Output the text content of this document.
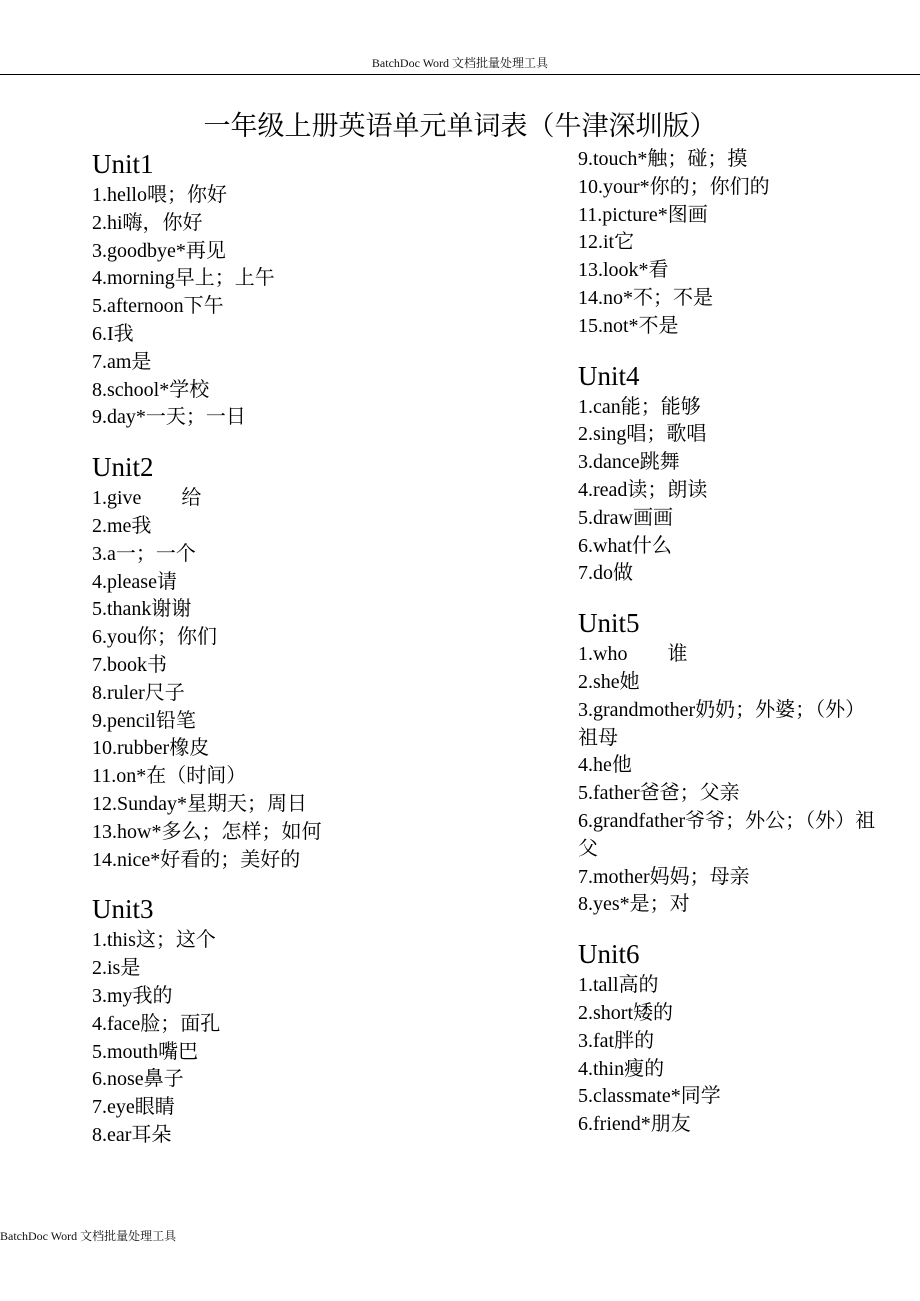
BatchDoc Word 文档批量处理工具
一年级上册英语单元单词表（牛津深圳版）
Unit1
1.hello喂；你好
2.hi嗨，你好
3.goodbye*再见
4.morning早上；上午
5.afternoon下午
6.I我
7.am是
8.school*学校
9.day*一天；一日
Unit2
1.give　　给
2.me我
3.a一；一个
4.please请
5.thank谢谢
6.you你；你们
7.book书
8.ruler尺子
9.pencil铅笔
10.rubber橡皮
11.on*在（时间）
12.Sunday*星期天；周日
13.how*多么；怎样；如何
14.nice*好看的；美好的
Unit3
1.this这；这个
2.is是
3.my我的
4.face脸；面孔
5.mouth嘴巴
6.nose鼻子
7.eye眼睛
8.ear耳朵
9.touch*触；碰；摸
10.your*你的；你们的
11.picture*图画
12.it它
13.look*看
14.no*不；不是
15.not*不是
Unit4
1.can能；能够
2.sing唱；歌唱
3.dance跳舞
4.read读；朗读
5.draw画画
6.what什么
7.do做
Unit5
1.who　　谁
2.she她
3.grandmother奶奶；外婆；（外）祖母
4.he他
5.father爸爸；父亲
6.grandfather爷爷；外公；（外）祖父
7.mother妈妈；母亲
8.yes*是；对
Unit6
1.tall高的
2.short矮的
3.fat胖的
4.thin瘦的
5.classmate*同学
6.friend*朋友
BatchDoc Word 文档批量处理工具
